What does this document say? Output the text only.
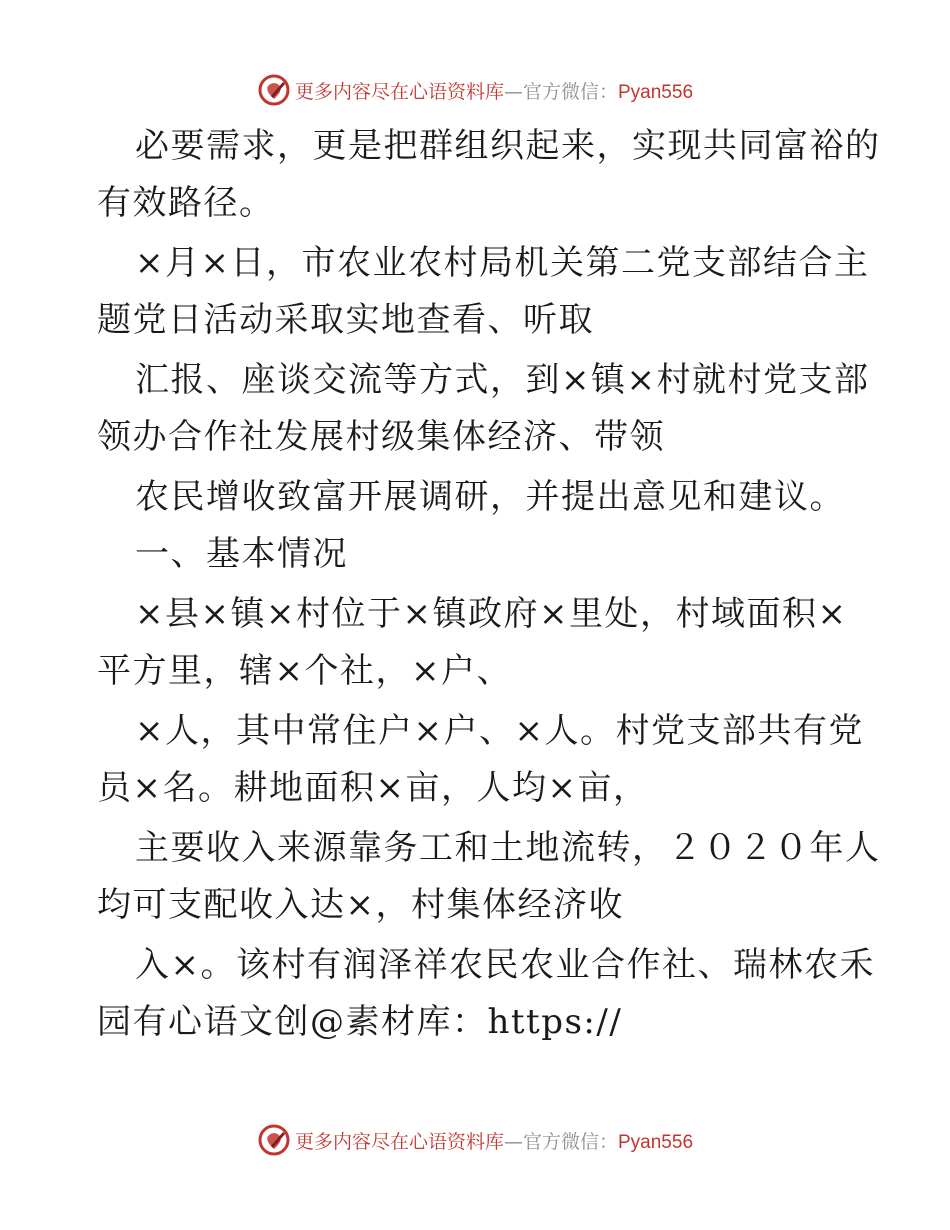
更多内容尽在心语资料库—官方微信：Pyan556
必要需求，更是把群组织起来，实现共同富裕的
有效路径。
×月×日，市农业农村局机关第二党支部结合主
题党日活动采取实地查看、听取
汇报、座谈交流等方式，到×镇×村就村党支部
领办合作社发展村级集体经济、带领
农民增收致富开展调研，并提出意见和建议。
一、基本情况
×县×镇×村位于×镇政府×里处，村域面积×
平方里，辖×个社，×户、
×人，其中常住户×户、×人。村党支部共有党
员×名。耕地面积×亩，人均×亩，
主要收入来源靠务工和土地流转，２０２０年人
均可支配收入达×，村集体经济收
入×。该村有润泽祥农民农业合作社、瑞林农禾
园有心语文创@素材库：https://
更多内容尽在心语资料库—官方微信：Pyan556
